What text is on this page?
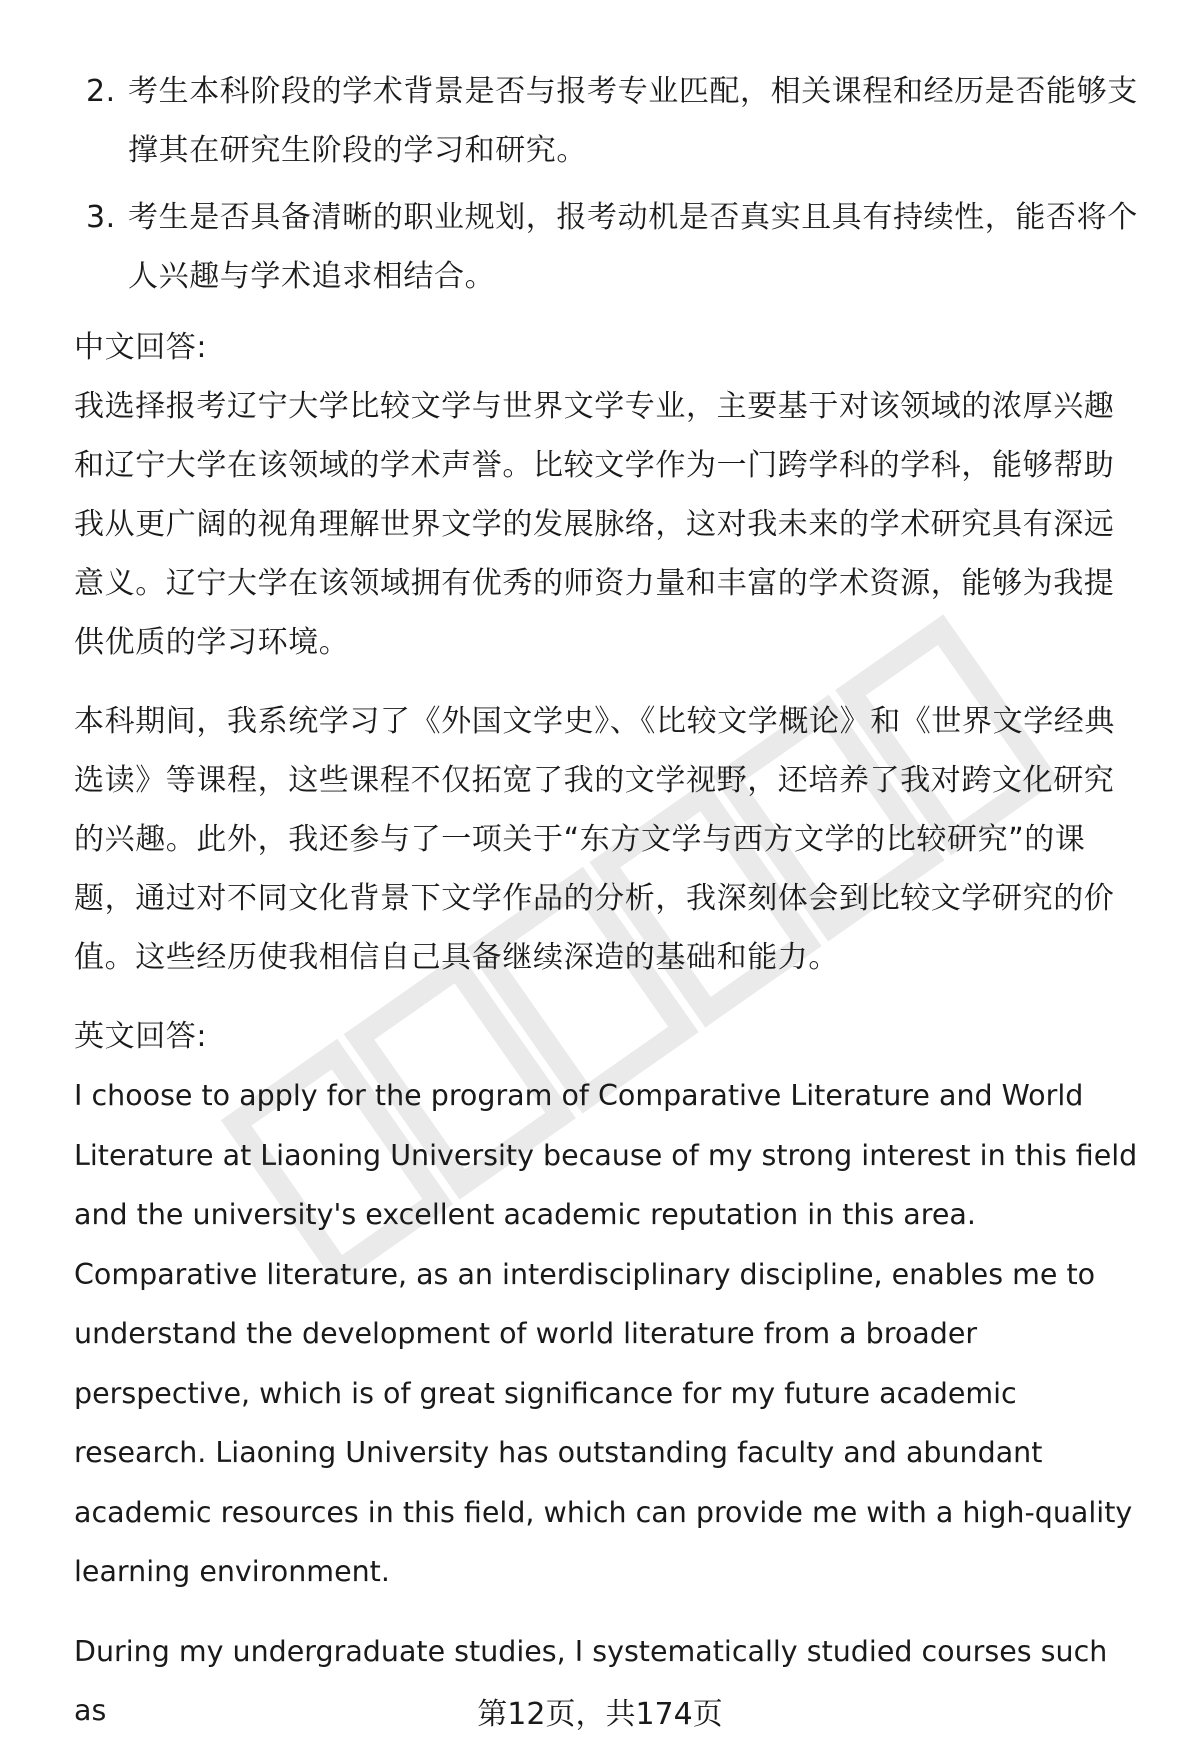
2. 考生本科阶段的学术背景是否与报考专业匹配，相关课程和经历是否能够支撑其在研究生阶段的学习和研究。
3. 考生是否具备清晰的职业规划，报考动机是否真实且具有持续性，能否将个人兴趣与学术追求相结合。

中文回答:

我选择报考辽宁大学比较文学与世界文学专业，主要基于对该领域的浓厚兴趣和辽宁大学在该领域的学术声誉。比较文学作为一门跨学科的学科，能够帮助我从更广阔的视角理解世界文学的发展脉络，这对我未来的学术研究具有深远意义。辽宁大学在该领域拥有优秀的师资力量和丰富的学术资源，能够为我提供优质的学习环境。

本科期间，我系统学习了《外国文学史》、《比较文学概论》和《世界文学经典选读》等课程，这些课程不仅拓宽了我的文学视野，还培养了我对跨文化研究的兴趣。此外，我还参与了一项关于“东方文学与西方文学的比较研究”的课题，通过对不同文化背景下文学作品的分析，我深刻体会到比较文学研究的价值。这些经历使我相信自己具备继续深造的基础和能力。

英文回答:

I choose to apply for the program of Comparative Literature and World Literature at Liaoning University because of my strong interest in this field and the university's excellent academic reputation in this area. Comparative literature, as an interdisciplinary discipline, enables me to understand the development of world literature from a broader perspective, which is of great significance for my future academic research. Liaoning University has outstanding faculty and abundant academic resources in this field, which can provide me with a high-quality learning environment.

During my undergraduate studies, I systematically studied courses such as	第12页，共174页
